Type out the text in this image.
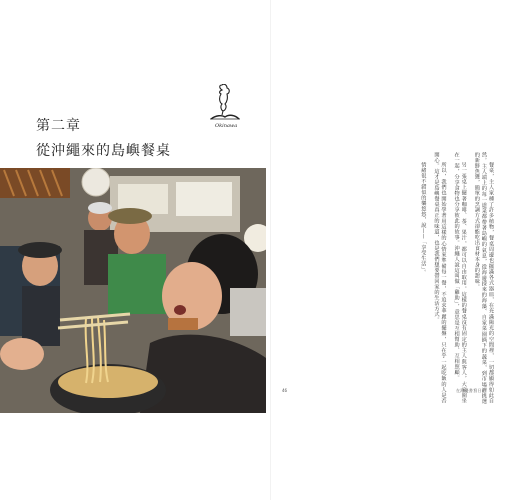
第二章
從沖繩來的島嶼餐桌
Okinawa

餐桌，主人家種了許多植物，餐桌周邊也擺滿各式器皿，在充滿陽光的空間裡，一切都顯得如此自然。主人端上的每一道菜都帶著島嶼的氣息，從海邊採來的海藻、自家菜園摘下的蔬菜，到市場裡挑選的新鮮魚獲，簡單的烹調方式卻能吃出食材本身的甜味。

另一張桌上擺著咖啡、茶、果汁，都可以自由取用。這樣的餐桌沒有固定的主人與客人，大家圍坐在一起，分享食物也分享彼此的故事。沖繩人說這叫做「雞助」，意思是互相幫助、互相照顧。

所以，我們也開始學著用這樣的心情來準備每一餐，不追求華麗的擺盤，只在乎一起吃飯的人是否開心。這才是島嶼餐桌真正的味道，也是我們想要帶回家的生活方式。

情緒很不錯似的樂悠悠，說——「享受生活」。

46	在海邊書寫日記
